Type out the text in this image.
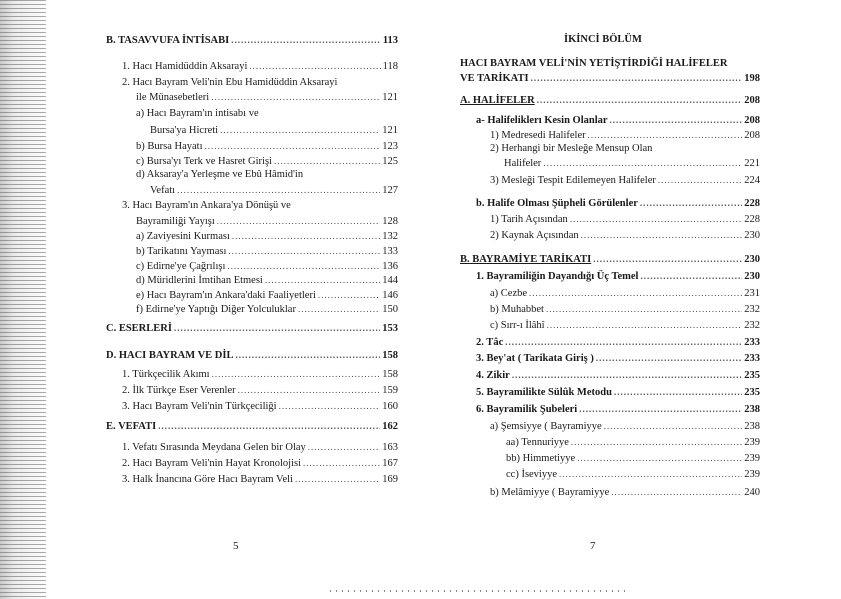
B. TASAVVUFA İNTİSABI .....	113
1. Hacı Hamidüddin Aksarayi .....	118
2. Hacı Bayram Veli'nin Ebu Hamidüddin Aksarayi
ile Münasebetleri .....	121
a) Hacı Bayram'ın intisabı ve
Bursa'ya Hicreti .....	121
b) Bursa Hayatı .....	123
c) Bursa'yı Terk ve Hasret Girişi .....	125
d) Aksaray'a Yerleşme ve Ebû Hâmid'in
Vefatı .....	127
3. Hacı Bayram'ın Ankara'ya Dönüşü ve
Bayramiliği Yayışı .....	128
a) Zaviyesini Kurması .....	132
b) Tarikatını Yayması .....	133
c) Edirne'ye Çağrılışı .....	136
d) Müridlerini İmtihan Etmesi .....	144
e) Hacı Bayram'ın Ankara'daki Faaliyetleri .....	146
f) Edirne'ye Yaptığı Diğer Yolculuklar .....	150
C. ESERLERİ .....	153
D. HACI BAYRAM VE DİL .....	158
1. Türkçecilik Akımı .....	158
2. İlk Türkçe Eser Verenler .....	159
3. Hacı Bayram Veli'nin Türkçeciliği .....	160
E. VEFATI .....	162
1. Vefatı Sırasında Meydana Gelen bir Olay .....	163
2. Hacı Bayram Veli'nin Hayat Kronolojisi .....	167
3. Halk İnancına Göre Hacı Bayram Veli .....	169
5
İKİNCİ BÖLÜM
HACI BAYRAM VELİ'NİN YETİŞTİRDİĞİ HALİFELER
VE TARİKATI .....	198
A. HALİFELER .....	208
a- Halifeliklerı Kesin Olanlar .....	208
1) Medresedi Halifeler .....	208
2) Herhangi bir Mesleğe Mensup Olan
Halifeler .....	221
3) Mesleği Tespit Edilemeyen Halifeler .....	224
b. Halife Olması Şüpheli Görülenler .....	228
1) Tarih Açısından .....	228
2) Kaynak Açısından .....	230
B. BAYRAMİYE TARİKATI .....	230
1. Bayramiliğin Dayandığı Üç Temel .....	230
a) Cezbe .....	231
b) Muhabbet .....	232
c) Sırr-ı İlâhî .....	232
2. Tâc .....	233
3. Bey'at ( Tarikata Giriş ) .....	233
4. Zikir .....	235
5. Bayramilikte Sülûk Metodu .....	235
6. Bayramilik Şubeleri .....	238
a) Şemsiyye ( Bayramiyye .....	238
aa) Tennuriyye .....	239
bb) Himmetiyye .....	239
cc) İseviyye .....	239
b) Melâmiyye ( Bayramiyye .....	240
7
